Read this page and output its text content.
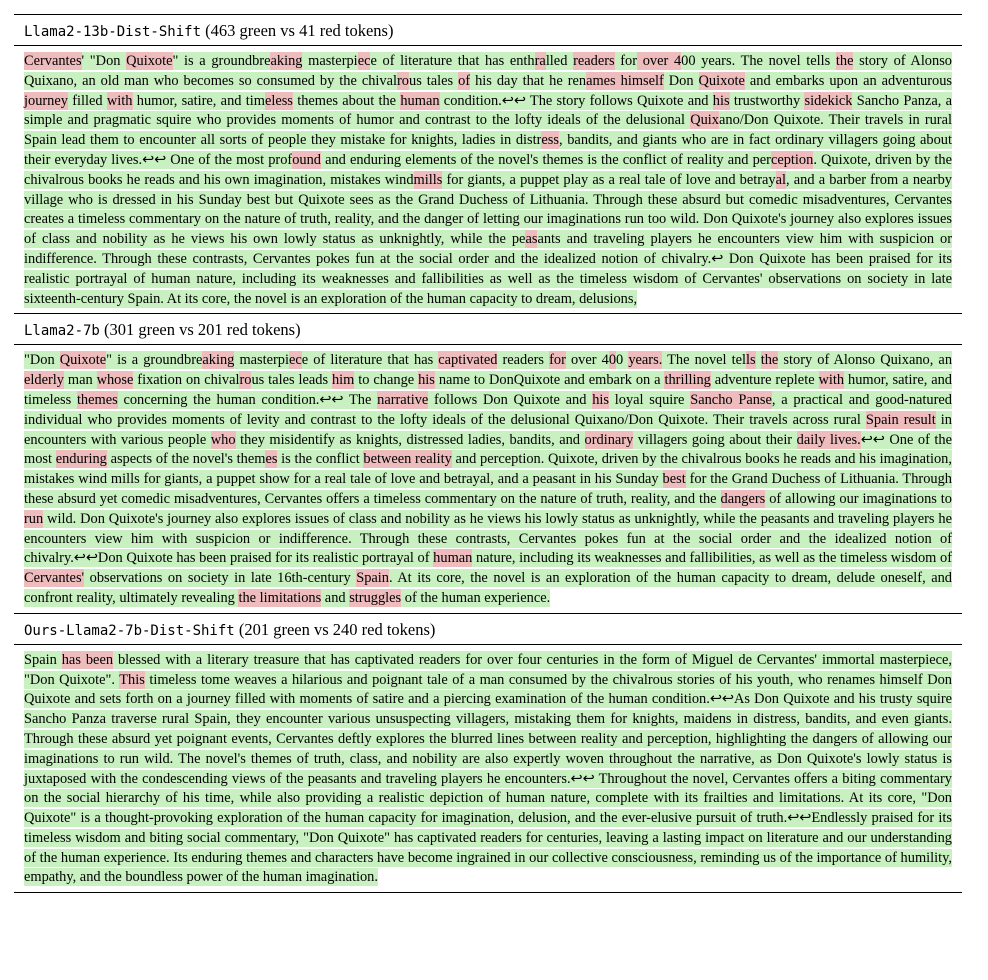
Llama2-13b-Dist-Shift (463 green vs 41 red tokens)
Cervantes' "Don Quixote" is a groundbreaking masterpiece of literature that has enthralled readers for over 400 years. The novel tells the story of Alonso Quixano, an old man who becomes so consumed by the chivalrous tales of his day that he renames himself Don Quixote and embarks upon an adventurous journey filled with humor, satire, and timeless themes about the human condition.↩↩ The story follows Quixote and his trustworthy sidekick Sancho Panza, a simple and pragmatic squire who provides moments of humor and contrast to the lofty ideals of the delusional Quixano/Don Quixote. Their travels in rural Spain lead them to encounter all sorts of people they mistake for knights, ladies in distress, bandits, and giants who are in fact ordinary villagers going about their everyday lives.↩↩ One of the most profound and enduring elements of the novel's themes is the conflict of reality and perception. Quixote, driven by the chivalrous books he reads and his own imagination, mistakes windmills for giants, a puppet play as a real tale of love and betrayal, and a barber from a nearby village who is dressed in his Sunday best but Quixote sees as the Grand Duchess of Lithuania. Through these absurd but comedic misadventures, Cervantes creates a timeless commentary on the nature of truth, reality, and the danger of letting our imaginations run too wild. Don Quixote's journey also explores issues of class and nobility as he views his own lowly status as unknightly, while the peasants and traveling players he encounters view him with suspicion or indifference. Through these contrasts, Cervantes pokes fun at the social order and the idealized notion of chivalry.↩ Don Quixote has been praised for its realistic portrayal of human nature, including its weaknesses and fallibilities as well as the timeless wisdom of Cervantes' observations on society in late sixteenth-century Spain. At its core, the novel is an exploration of the human capacity to dream, delusions,
Llama2-7b (301 green vs 201 red tokens)
"Don Quixote" is a groundbreaking masterpiece of literature that has captivated readers for over 400 years. The novel tells the story of Alonso Quixano, an elderly man whose fixation on chivalrous tales leads him to change his name to DonQuixote and embark on a thrilling adventure replete with humor, satire, and timeless themes concerning the human condition.↩↩ The narrative follows Don Quixote and his loyal squire Sancho Panse, a practical and good-natured individual who provides moments of levity and contrast to the lofty ideals of the delusional Quixano/Don Quixote. Their travels across rural Spain result in encounters with various people who they misidentify as knights, distressed ladies, bandits, and ordinary villagers going about their daily lives.↩↩ One of the most enduring aspects of the novel's themes is the conflict between reality and perception. Quixote, driven by the chivalrous books he reads and his imagination, mistakes wind mills for giants, a puppet show for a real tale of love and betrayal, and a peasant in his Sunday best for the Grand Duchess of Lithuania. Through these absurd yet comedic misadventures, Cervantes offers a timeless commentary on the nature of truth, reality, and the dangers of allowing our imaginations to run wild. Don Quixote's journey also explores issues of class and nobility as he views his lowly status as unknightly, while the peasants and traveling players he encounters view him with suspicion or indifference. Through these contrasts, Cervantes pokes fun at the social order and the idealized notion of chivalry.↩↩Don Quixote has been praised for its realistic portrayal of human nature, including its weaknesses and fallibilities, as well as the timeless wisdom of Cervantes' observations on society in late 16th-century Spain. At its core, the novel is an exploration of the human capacity to dream, delude oneself, and confront reality, ultimately revealing the limitations and struggles of the human experience.
Ours-Llama2-7b-Dist-Shift (201 green vs 240 red tokens)
Spain has been blessed with a literary treasure that has captivated readers for over four centuries in the form of Miguel de Cervantes' immortal masterpiece, "Don Quixote". This timeless tome weaves a hilarious and poignant tale of a man consumed by the chivalrous stories of his youth, who renames himself Don Quixote and sets forth on a journey filled with moments of satire and a piercing examination of the human condition.↩↩As Don Quixote and his trusty squire Sancho Panza traverse rural Spain, they encounter various unsuspecting villagers, mistaking them for knights, maidens in distress, bandits, and even giants. Through these absurd yet poignant events, Cervantes deftly explores the blurred lines between reality and perception, highlighting the dangers of allowing our imaginations to run wild. The novel's themes of truth, class, and nobility are also expertly woven throughout the narrative, as Don Quixote's lowly status is juxtaposed with the condescending views of the peasants and traveling players he encounters.↩↩ Throughout the novel, Cervantes offers a biting commentary on the social hierarchy of his time, while also providing a realistic depiction of human nature, complete with its frailties and limitations. At its core, "Don Quixote" is a thought-provoking exploration of the human capacity for imagination, delusion, and the ever-elusive pursuit of truth.↩↩Endlessly praised for its timeless wisdom and biting social commentary, "Don Quixote" has captivated readers for centuries, leaving a lasting impact on literature and our understanding of the human experience. Its enduring themes and characters have become ingrained in our collective consciousness, reminding us of the importance of humility, empathy, and the boundless power of the human imagination.
